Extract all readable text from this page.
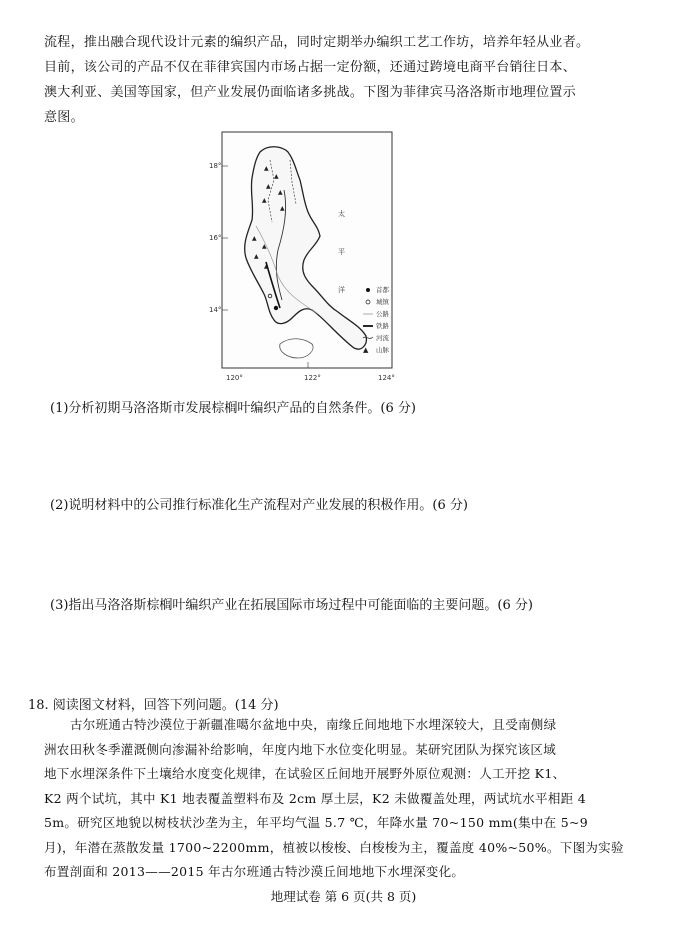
流程，推出融合现代设计元素的编织产品，同时定期举办编织工艺工作坊，培养年轻从业者。
目前，该公司的产品不仅在菲律宾国内市场占据一定份额，还通过跨境电商平台销往日本、
澳大利亚、美国等国家，但产业发展仍面临诸多挑战。下图为菲律宾马洛洛斯市地理位置示
意图。
18°
16°
14°
120°	122°	124°
▲
▲
▲
▲
▲
▲
▲
▲
▲
▲
太
平
洋	首都
城镇
公路
铁路
河流
▲ 山脉
(1)分析初期马洛洛斯市发展棕榈叶编织产品的自然条件。(6 分)
(2)说明材料中的公司推行标准化生产流程对产业发展的积极作用。(6 分)
(3)指出马洛洛斯棕榈叶编织产业在拓展国际市场过程中可能面临的主要问题。(6 分)
18. 阅读图文材料，回答下列问题。(14 分)
古尔班通古特沙漠位于新疆准噶尔盆地中央，南缘丘间地地下水埋深较大，且受南侧绿
洲农田秋冬季灌溉侧向渗漏补给影响，年度内地下水位变化明显。某研究团队为探究该区域
地下水埋深条件下土壤给水度变化规律，在试验区丘间地开展野外原位观测：人工开挖 K1、
K2 两个试坑，其中 K1 地表覆盖塑料布及 2cm 厚土层，K2 未做覆盖处理，两试坑水平相距 4
5m。研究区地貌以树枝状沙垄为主，年平均气温 5.7 ℃，年降水量 70~150 mm(集中在 5~9
月)，年潜在蒸散发量 1700~2200mm，植被以梭梭、白梭梭为主，覆盖度 40%~50%。下图为实验
布置剖面和 2013——2015 年古尔班通古特沙漠丘间地地下水埋深变化。
地理试卷 第 6 页(共 8 页)
